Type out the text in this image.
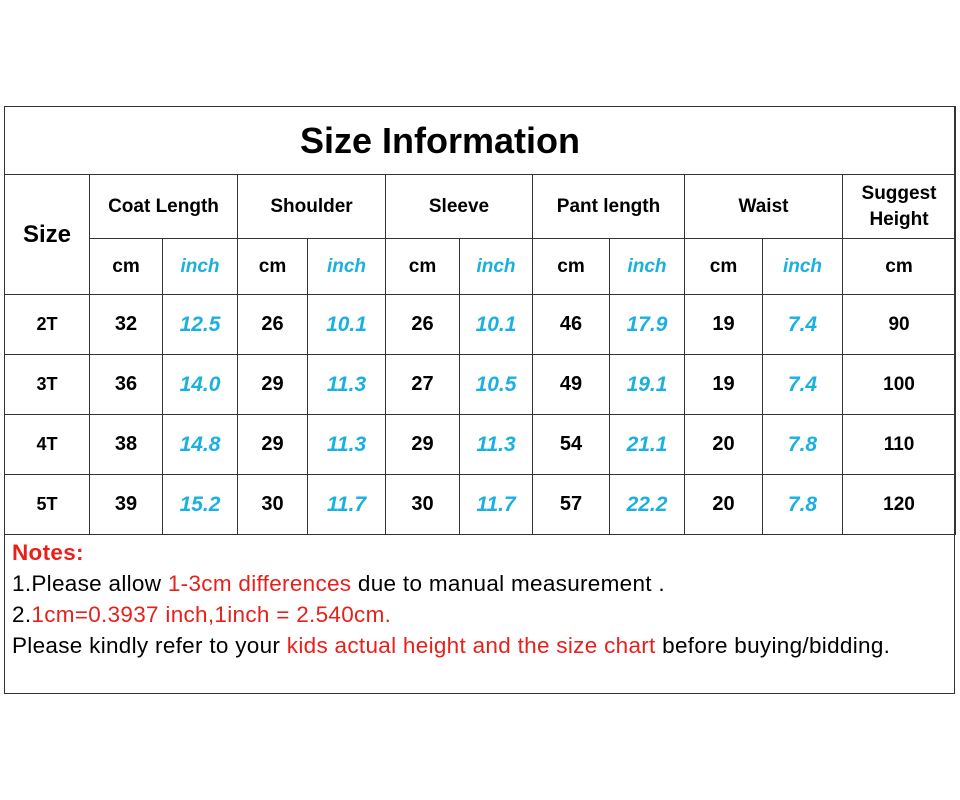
Size Information											
Size	Coat Length		Shoulder		Sleeve		Pant length		Waist		Suggest Height
	cm	inch	cm	inch	cm	inch	cm	inch	cm	inch	cm
2T	32	12.5	26	10.1	26	10.1	46	17.9	19	7.4	90
3T	36	14.0	29	11.3	27	10.5	49	19.1	19	7.4	100
4T	38	14.8	29	11.3	29	11.3	54	21.1	20	7.8	110
5T	39	15.2	30	11.7	30	11.7	57	22.2	20	7.8	120
Notes:
1.Please allow 1-3cm differences due to manual measurement .
2.1cm=0.3937 inch,1inch = 2.540cm.
Please kindly refer to your kids actual height and the size chart before buying/bidding.
